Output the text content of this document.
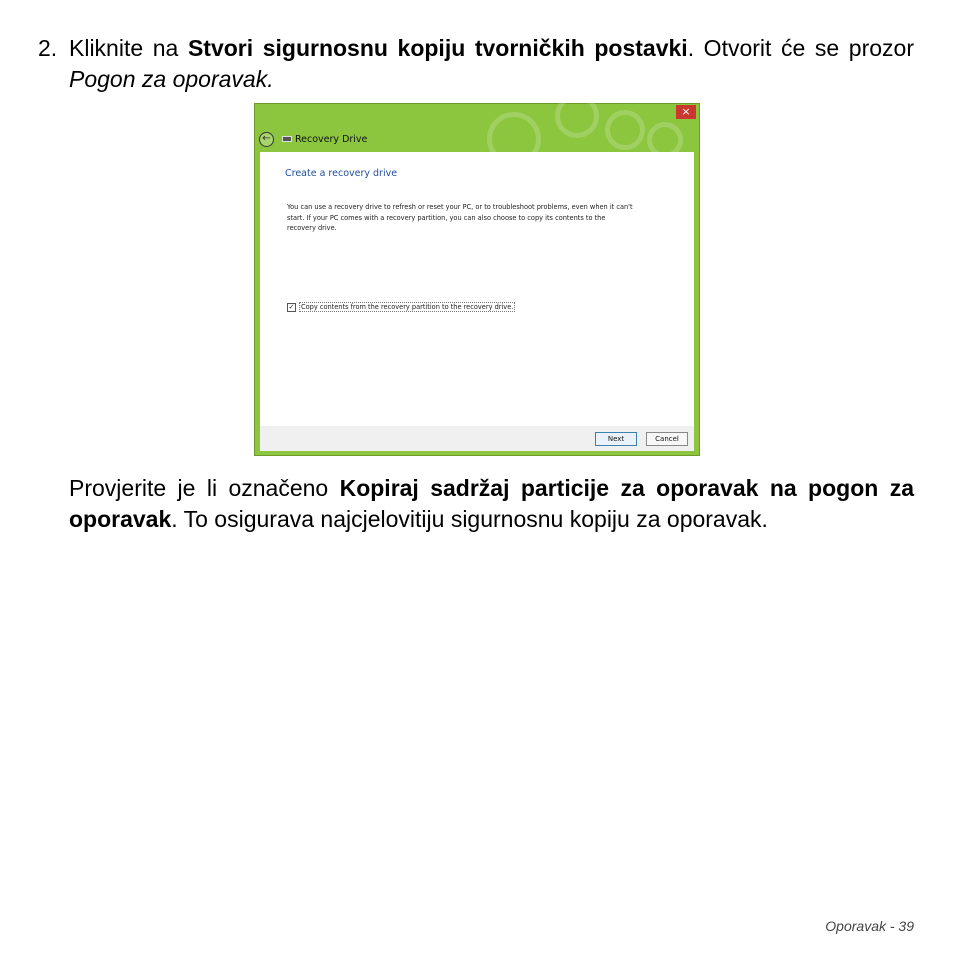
2. Kliknite na Stvori sigurnosnu kopiju tvorničkih postavki. Otvorit će se prozor Pogon za oporavak.
×
←	Recovery Drive
Create a recovery drive
You can use a recovery drive to refresh or reset your PC, or to troubleshoot problems, even when it can't start. If your PC comes with a recovery partition, you can also choose to copy its contents to the recovery drive.
✓ Copy contents from the recovery partition to the recovery drive.
Next	Cancel
Provjerite je li označeno Kopiraj sadržaj particije za oporavak na pogon za oporavak. To osigurava najcjelovitiju sigurnosnu kopiju za oporavak.
Oporavak - 39
